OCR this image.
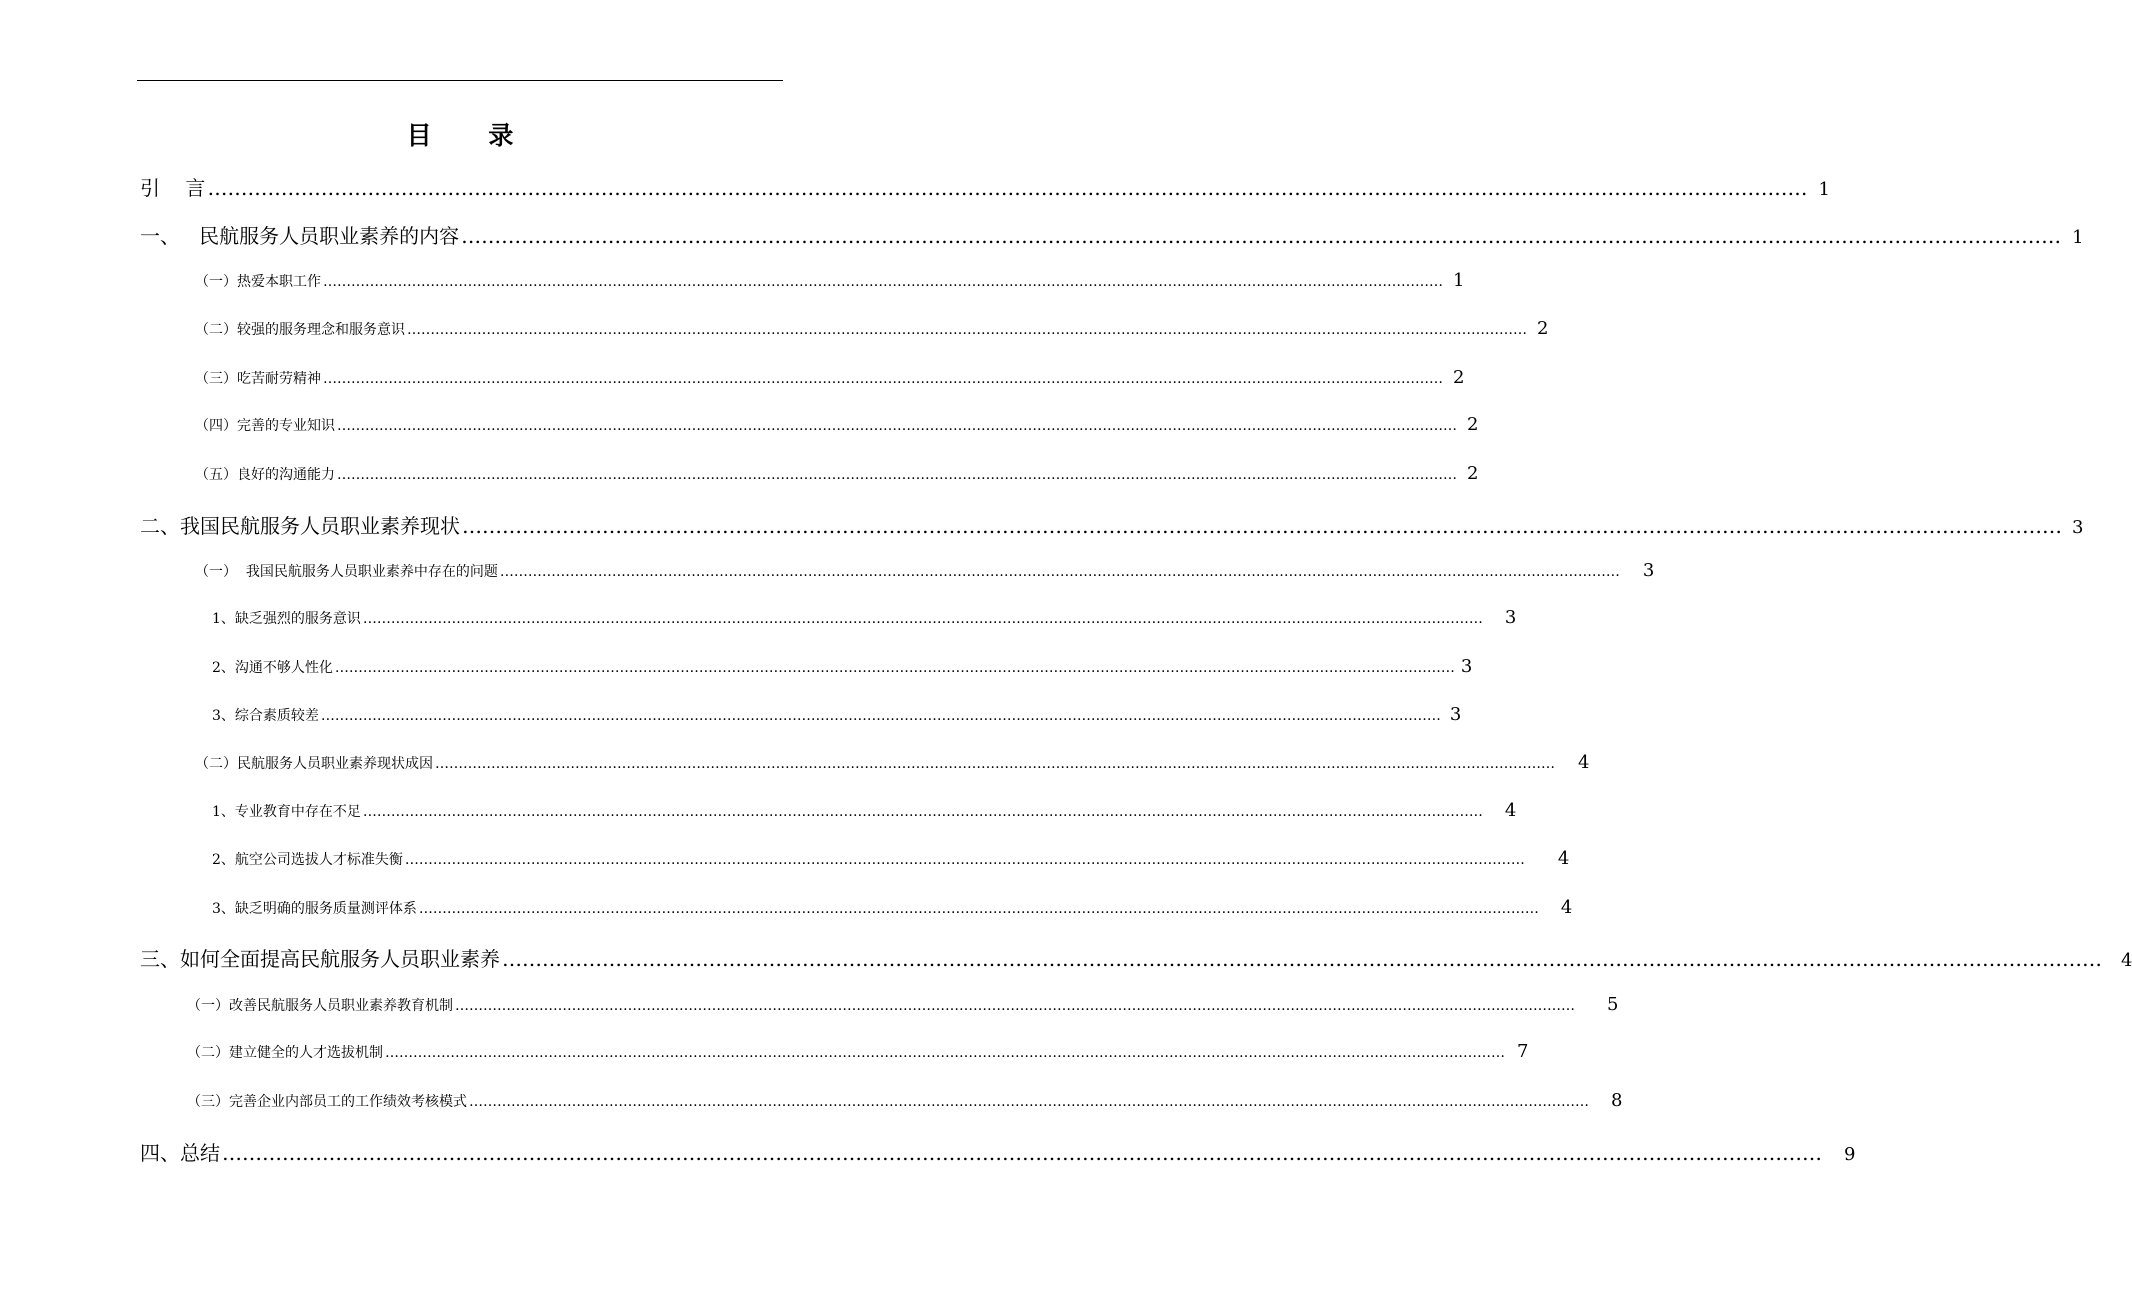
目 录
引    言 …………………………………………………………………………………………………………………………………………………………………………………………………………………… 1
一、   民航服务人员职业素养的内容 …………………………………………………………………………………………………………………………………………………………………………………………………………………… 1
（一）热爱本职工作 …………………………………………………………………………………………………………………………………………………………………………………………………………………… 1
（二）较强的服务理念和服务意识 …………………………………………………………………………………………………………………………………………………………………………………………………………………… 2
（三）吃苦耐劳精神 …………………………………………………………………………………………………………………………………………………………………………………………………………………… 2
（四）完善的专业知识 …………………………………………………………………………………………………………………………………………………………………………………………………………………… 2
（五）良好的沟通能力 …………………………………………………………………………………………………………………………………………………………………………………………………………………… 2
二、我国民航服务人员职业素养现状 …………………………………………………………………………………………………………………………………………………………………………………………………………………… 3
（一）  我国民航服务人员职业素养中存在的问题 …………………………………………………………………………………………………………………………………………………………………………………………………………………… 3
1、缺乏强烈的服务意识 …………………………………………………………………………………………………………………………………………………………………………………………………………………… 3
2、沟通不够人性化 …………………………………………………………………………………………………………………………………………………………………………………………………………………… 3
3、综合素质较差 …………………………………………………………………………………………………………………………………………………………………………………………………………………… 3
（二）民航服务人员职业素养现状成因 …………………………………………………………………………………………………………………………………………………………………………………………………………………… 4
1、专业教育中存在不足 …………………………………………………………………………………………………………………………………………………………………………………………………………………… 4
2、航空公司选拔人才标准失衡 …………………………………………………………………………………………………………………………………………………………………………………………………………………… 4
3、缺乏明确的服务质量测评体系 …………………………………………………………………………………………………………………………………………………………………………………………………………………… 4
三、如何全面提高民航服务人员职业素养 …………………………………………………………………………………………………………………………………………………………………………………………………………………… 4
（一）改善民航服务人员职业素养教育机制 …………………………………………………………………………………………………………………………………………………………………………………………………………………… 5
（二）建立健全的人才选拔机制 …………………………………………………………………………………………………………………………………………………………………………………………………………………… 7
（三）完善企业内部员工的工作绩效考核模式 …………………………………………………………………………………………………………………………………………………………………………………………………………………… 8
四、总结 …………………………………………………………………………………………………………………………………………………………………………………………………………………… 9
